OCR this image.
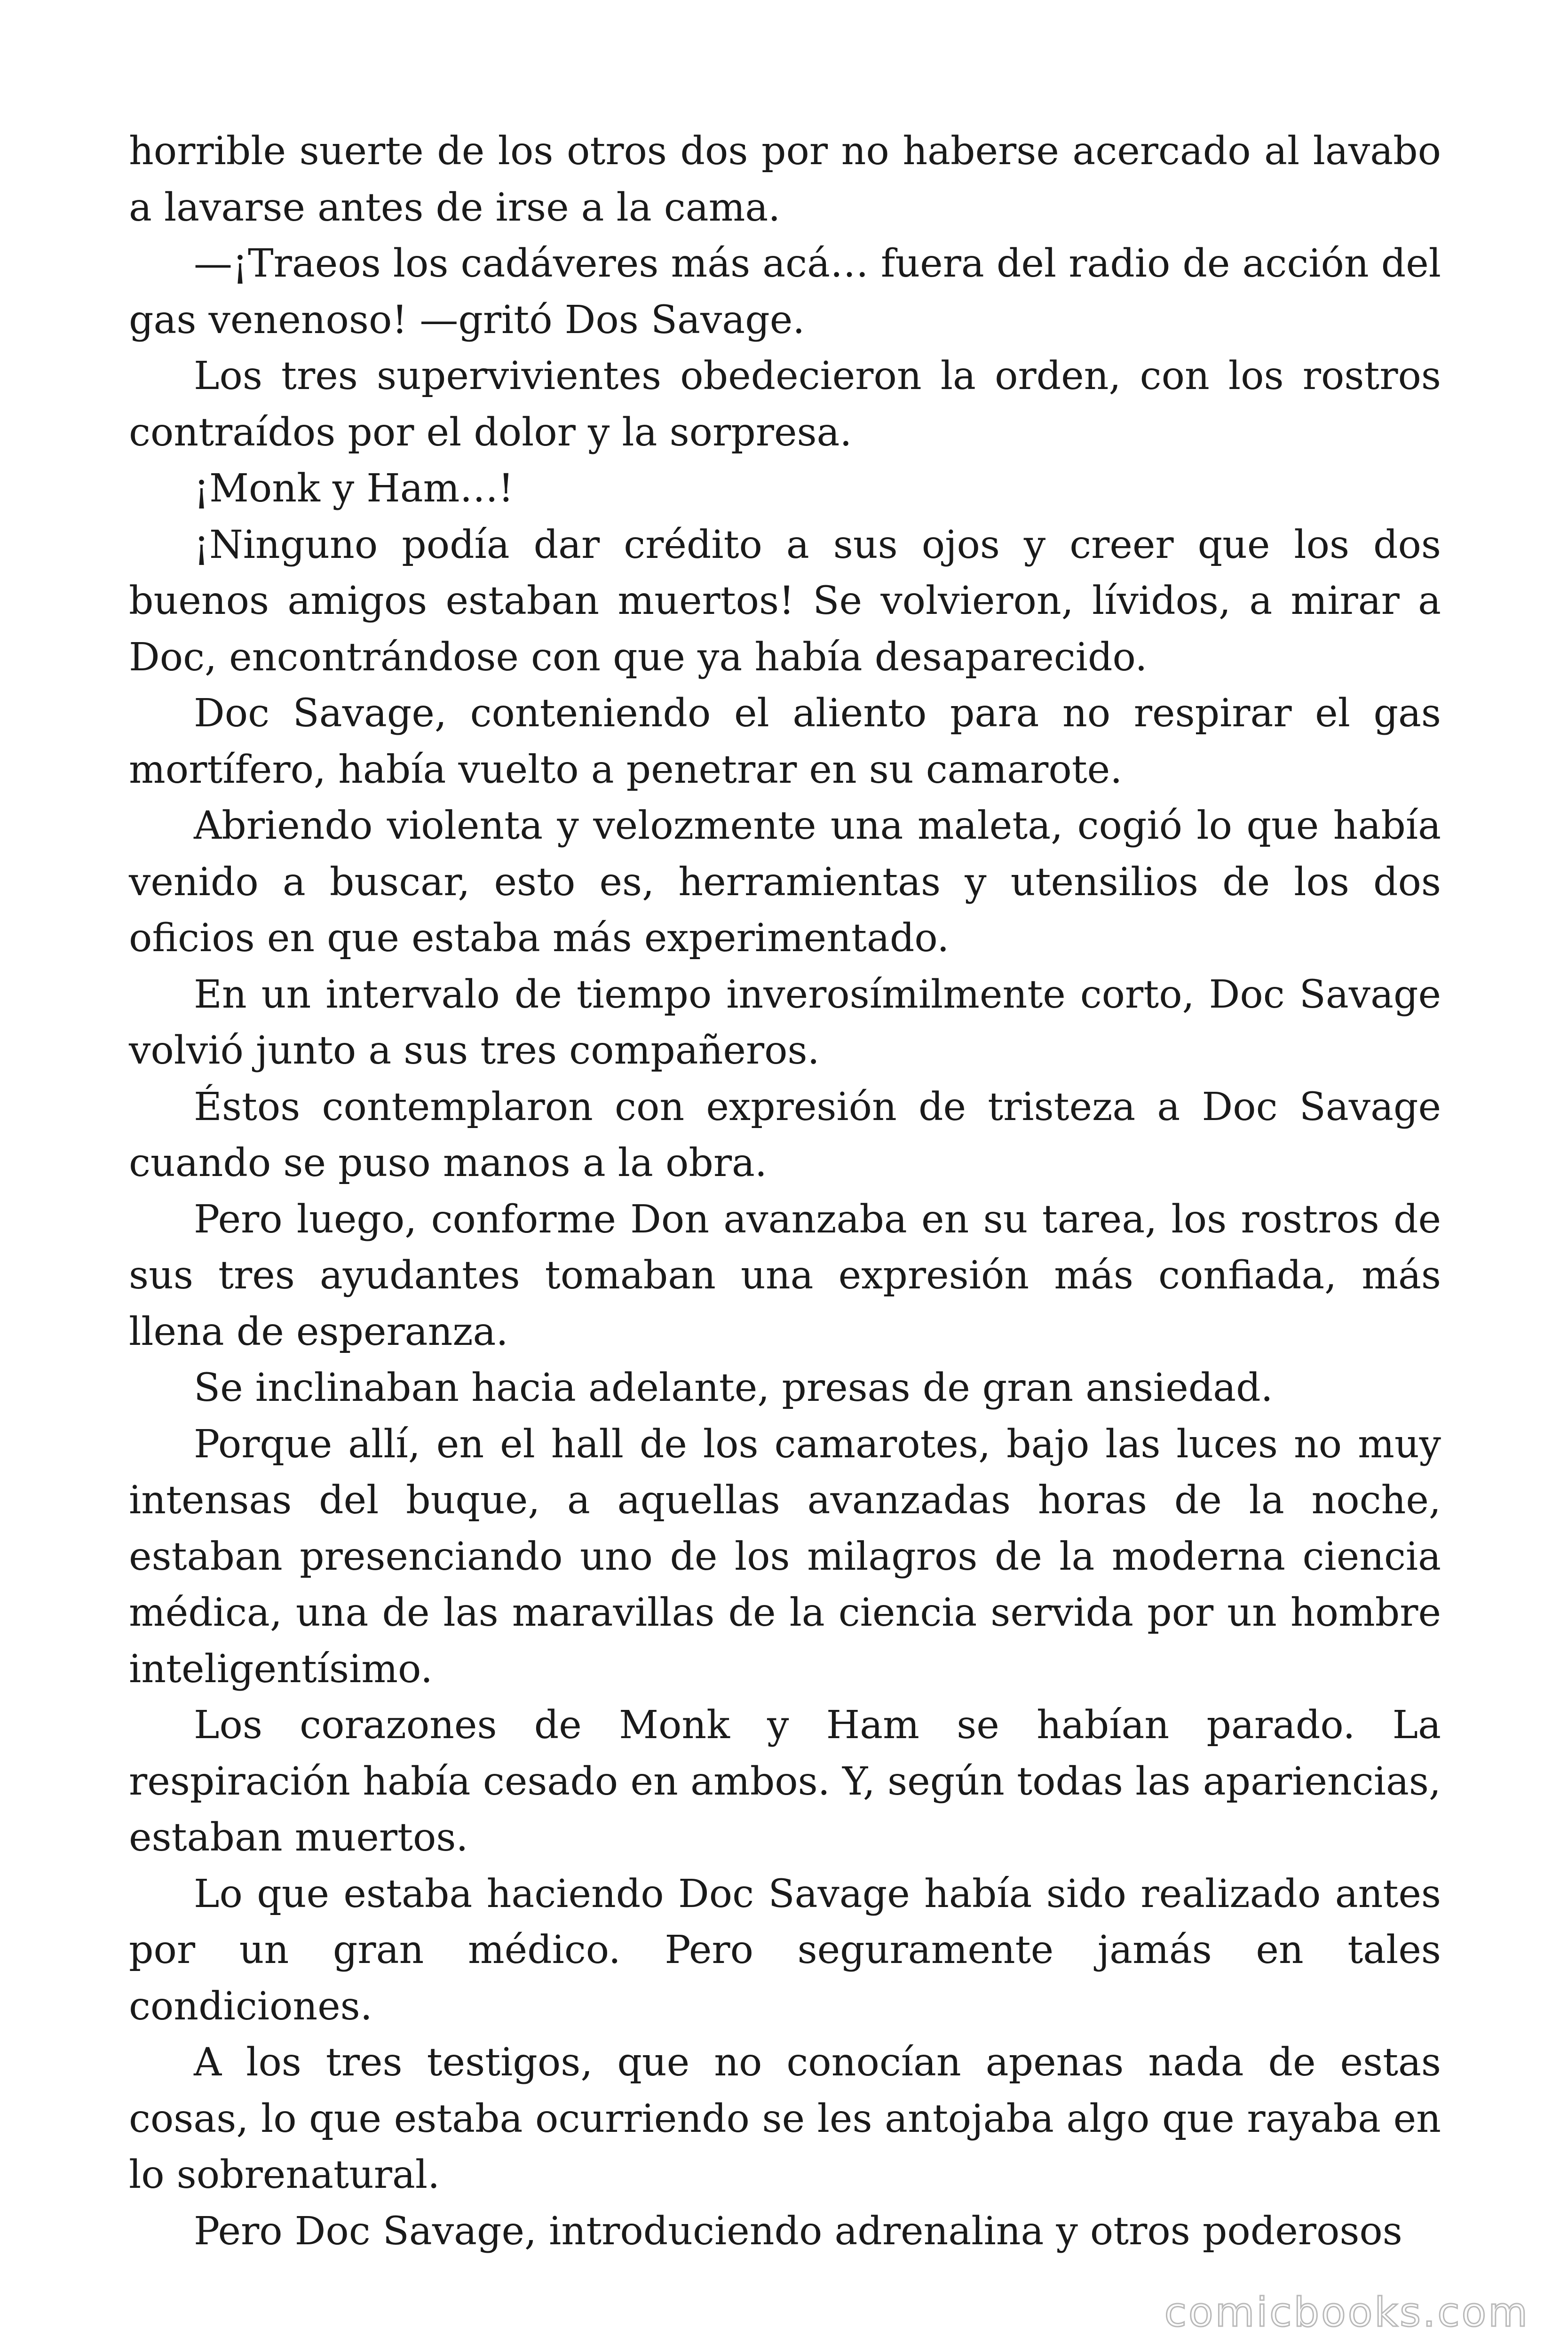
horrible suerte de los otros dos por no haberse acercado al lavabo a lavarse antes de irse a la cama.

—¡Traeos los cadáveres más acá… fuera del radio de acción del gas venenoso! —gritó Dos Savage.

Los tres supervivientes obedecieron la orden, con los rostros contraídos por el dolor y la sorpresa.

¡Monk y Ham…!

¡Ninguno podía dar crédito a sus ojos y creer que los dos buenos amigos estaban muertos! Se volvieron, lívidos, a mirar a Doc, encontrándose con que ya había desaparecido.

Doc Savage, conteniendo el aliento para no respirar el gas mortífero, había vuelto a penetrar en su camarote.

Abriendo violenta y velozmente una maleta, cogió lo que había venido a buscar, esto es, herramientas y utensilios de los dos oficios en que estaba más experimentado.

En un intervalo de tiempo inverosímilmente corto, Doc Savage volvió junto a sus tres compañeros.

Éstos contemplaron con expresión de tristeza a Doc Savage cuando se puso manos a la obra.

Pero luego, conforme Don avanzaba en su tarea, los rostros de sus tres ayudantes tomaban una expresión más confiada, más llena de esperanza.

Se inclinaban hacia adelante, presas de gran ansiedad.

Porque allí, en el hall de los camarotes, bajo las luces no muy intensas del buque, a aquellas avanzadas horas de la noche, estaban presenciando uno de los milagros de la moderna ciencia médica, una de las maravillas de la ciencia servida por un hombre inteligentísimo.

Los corazones de Monk y Ham se habían parado. La respiración había cesado en ambos. Y, según todas las apariencias, estaban muertos.

Lo que estaba haciendo Doc Savage había sido realizado antes por un gran médico. Pero seguramente jamás en tales condiciones.

A los tres testigos, que no conocían apenas nada de estas cosas, lo que estaba ocurriendo se les antojaba algo que rayaba en lo sobrenatural.

Pero Doc Savage, introduciendo adrenalina y otros poderosos

comicbooks.com
